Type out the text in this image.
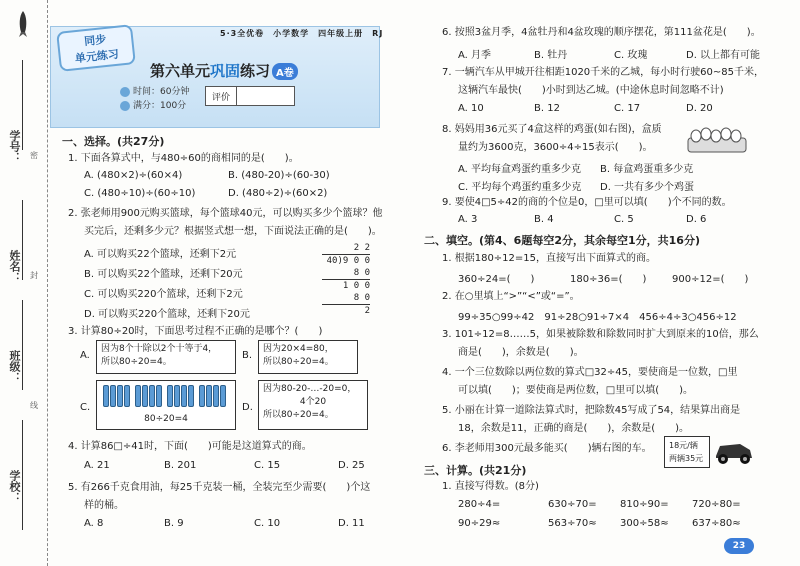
学号： 密
姓名： 封
班级：
线
学校：
同步
单元练习
5·3全优卷　小学数学　四年级上册　RJ
第六单元巩固练习 A卷
时间：60分钟
满分：100分
评价
一、选择。(共27分)
1. 下面各算式中，与480÷60的商相同的是(　　)。
A. (480×2)÷(60×4)	B. (480-20)÷(60-30)
C. (480÷10)÷(60÷10)	D. (480÷2)÷(60×2)
2. 张老师用900元购买篮球，每个篮球40元，可以购买多少个篮球？他
买完后，还剩多少元？根据竖式想一想，下面说法正确的是(　　)。
A. 可以购买22个篮球，还剩下2元
B. 可以购买22个篮球，还剩下20元
C. 可以购买220个篮球，还剩下2元
D. 可以购买220个篮球，还剩下20元
2 2
40)9 0 0
8 0
1 0 0
8 0
2
3. 计算80÷20时，下面思考过程不正确的是哪个？(　　)
A.
因为8个十除以2个十等于4，
所以80÷20=4。
B.
因为20×4=80，
所以80÷20=4。
C.
80÷20=4
D.
因为80-20-…-20=0，
4个20
所以80÷20=4。
4. 计算86□÷41时，下面(　　)可能是这道算式的商。
A. 21	B. 201	C. 15	D. 25
5. 有266千克食用油，每25千克装一桶，全装完至少需要(　　)个这
样的桶。
A. 8	B. 9	C. 10	D. 11
6. 按照3盆月季，4盆牡丹和4盆玫瑰的顺序摆花，第111盆花是(　　)。
A. 月季	B. 牡丹	C. 玫瑰	D. 以上都有可能
7. 一辆汽车从甲城开往相距1020千米的乙城，每小时行驶60~85千米，
这辆汽车最快(　　)小时到达乙城。(中途休息时间忽略不计)
A. 10	B. 12	C. 17	D. 20
8. 妈妈用36元买了4盒这样的鸡蛋(如右图)，盒质
量约为3600克，3600÷4÷15表示(　　)。
A. 平均每盒鸡蛋约重多少克 B. 每盒鸡蛋重多少克
C. 平均每个鸡蛋约重多少克 D. 一共有多少个鸡蛋
9. 要使4□5÷42的商的个位是0，□里可以填(　　)个不同的数。
A. 3	B. 4	C. 5	D. 6
二、填空。(第4、6题每空2分，其余每空1分，共16分)
1. 根据180÷12=15，直接写出下面算式的商。
360÷24=(　　)	180÷36=(　　)	900÷12=(　　)
2. 在○里填上“>”“<”或“=”。
99÷35○99÷42　91÷28○91÷7×4　456÷4÷3○456÷12
3. 101÷12=8……5，如果被除数和除数同时扩大到原来的10倍，那么
商是(　　)，余数是(　　)。
4. 一个三位数除以两位数的算式□32÷45，要使商是一位数，□里
可以填(　　)；要使商是两位数，□里可以填(　　)。
5. 小丽在计算一道除法算式时，把除数45写成了54，结果算出商是
18，余数是11，正确的商是(　　)，余数是(　　)。
6. 李老师用300元最多能买(　　)辆右图的车。 18元/辆
两辆35元
三、计算。(共21分)
1. 直接写得数。(8分)
280÷4=	630÷70= 810÷90= 720÷80=
90÷29≈	563÷70≈ 300÷58≈ 637÷80≈
23
